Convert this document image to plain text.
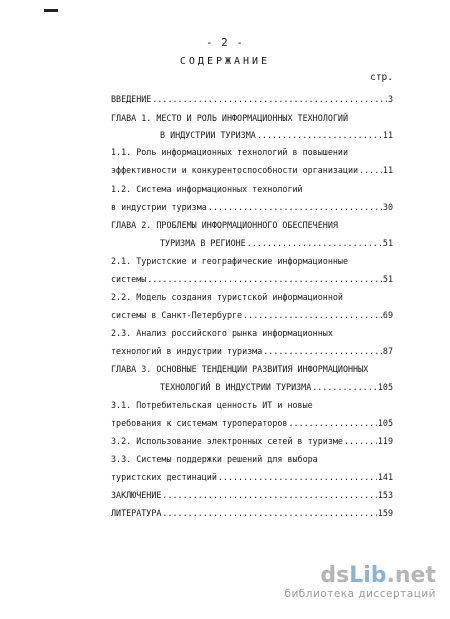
- 2 -
СОДЕРЖАНИЕ
стр.
ВВЕДЕНИЕ .....	3
ГЛАВА 1. МЕСТО И РОЛЬ ИНФОРМАЦИОННЫХ ТЕХНОЛОГИЙ
В ИНДУСТРИИ ТУРИЗМА .....	11
1.1. Роль информационных технологий в повышении
эффективности и конкурентоспособности организации .....	11
1.2. Система информационных технологий
в индустрии туризма .....	30
ГЛАВА 2. ПРОБЛЕМЫ ИНФОРМАЦИОННОГО ОБЕСПЕЧЕНИЯ
ТУРИЗМА В РЕГИОНЕ .....	51
2.1. Туристские и географические информационные
системы .....	51
2.2. Модель создания туристской информационной
системы в Санкт-Петербурге .....	69
2.3. Анализ российского рынка информационных
технологий в индустрии туризма .....	87
ГЛАВА 3. ОСНОВНЫЕ ТЕНДЕНЦИИ РАЗВИТИЯ ИНФОРМАЦИОННЫХ
ТЕХНОЛОГИЙ В ИНДУСТРИИ ТУРИЗМА .....	105
3.1. Потребительская ценность ИТ и новые
требования к системам туроператоров .....	105
3.2. Использование электронных сетей в туризме .....	119
3.3. Системы поддержки решений для выбора
туристских дестинаций .....	141
ЗАКЛЮЧЕНИЕ .....	153
ЛИТЕРАТУРА .....	159
dsLib.net
библиотека диссертаций
